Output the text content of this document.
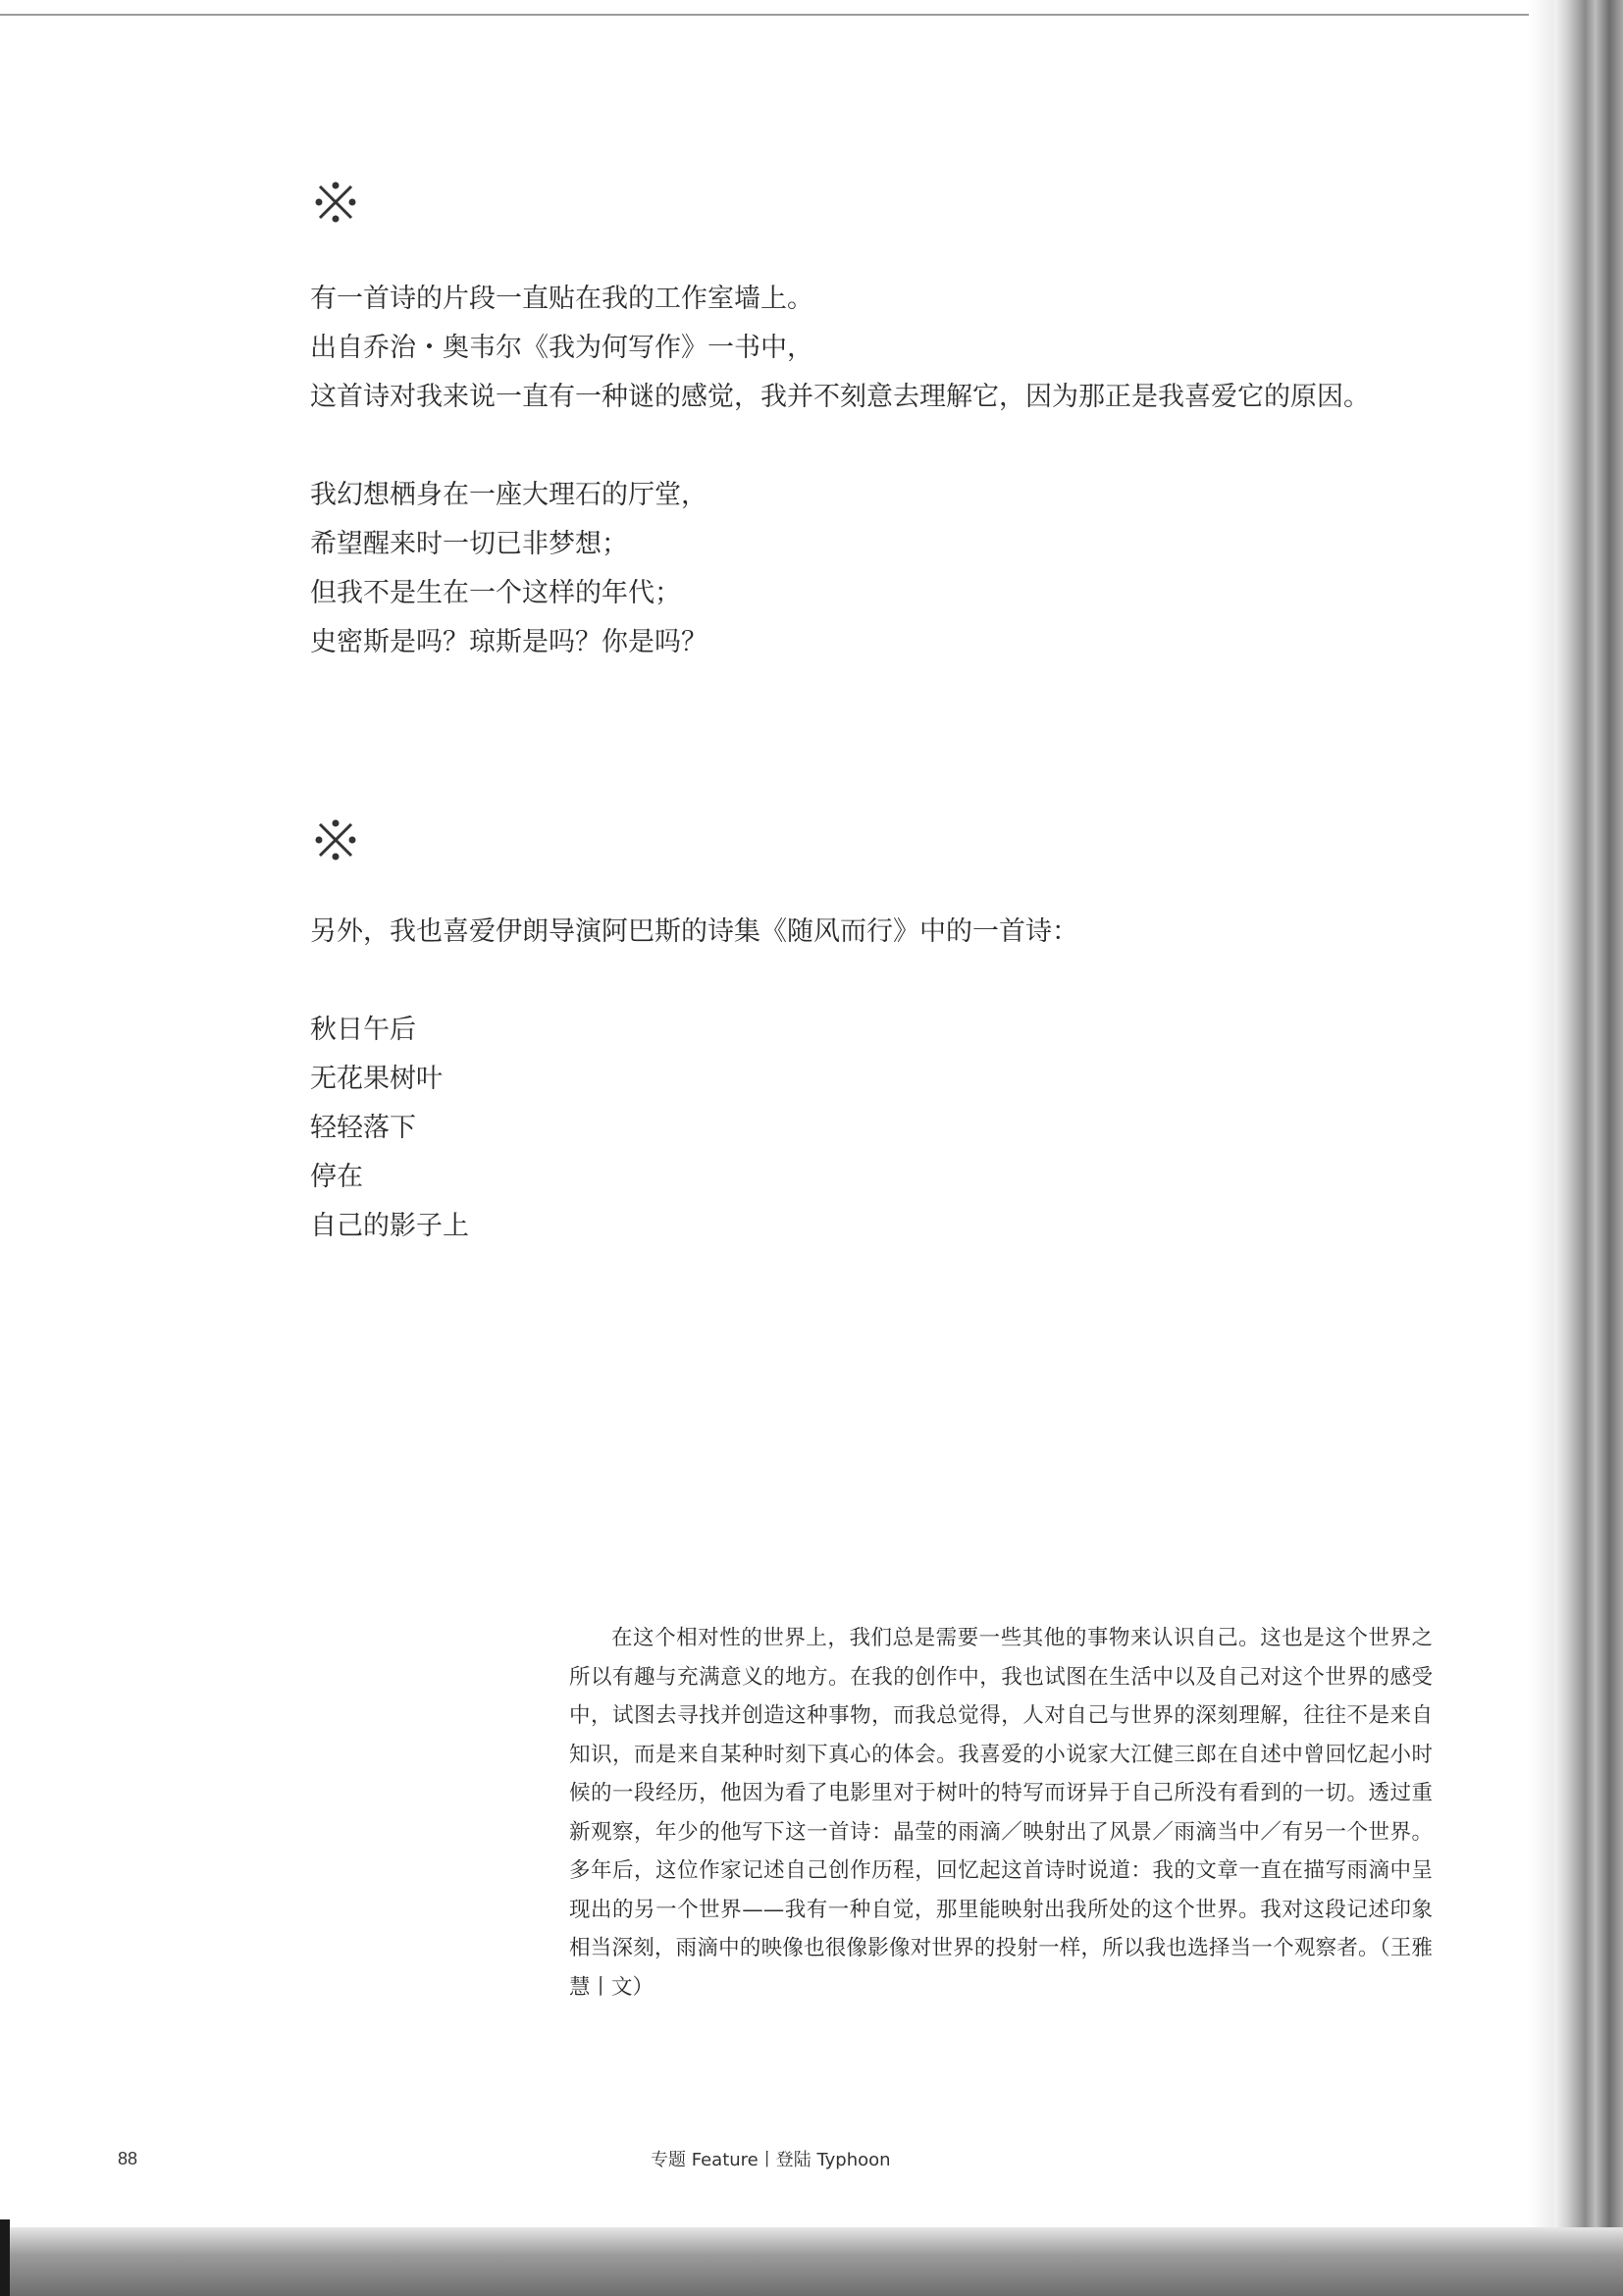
有一首诗的片段一直贴在我的工作室墙上。
出自乔治・奥韦尔《我为何写作》一书中，
这首诗对我来说一直有一种谜的感觉，我并不刻意去理解它，因为那正是我喜爱它的原因。
我幻想栖身在一座大理石的厅堂，
希望醒来时一切已非梦想；
但我不是生在一个这样的年代；
史密斯是吗？琼斯是吗？你是吗？
另外，我也喜爱伊朗导演阿巴斯的诗集《随风而行》中的一首诗：
秋日午后
无花果树叶
轻轻落下
停在
自己的影子上
在这个相对性的世界上，我们总是需要一些其他的事物来认识自己。这也是这个世界之所以有趣与充满意义的地方。在我的创作中，我也试图在生活中以及自己对这个世界的感受中，试图去寻找并创造这种事物，而我总觉得，人对自己与世界的深刻理解，往往不是来自知识，而是来自某种时刻下真心的体会。我喜爱的小说家大江健三郎在自述中曾回忆起小时候的一段经历，他因为看了电影里对于树叶的特写而讶异于自己所没有看到的一切。透过重新观察，年少的他写下这一首诗：晶莹的雨滴／映射出了风景／雨滴当中／有另一个世界。多年后，这位作家记述自己创作历程，回忆起这首诗时说道：我的文章一直在描写雨滴中呈现出的另一个世界——我有一种自觉，那里能映射出我所处的这个世界。我对这段记述印象相当深刻，雨滴中的映像也很像影像对世界的投射一样，所以我也选择当一个观察者。（王雅慧丨文）
88	专题 Feature丨登陆 Typhoon
